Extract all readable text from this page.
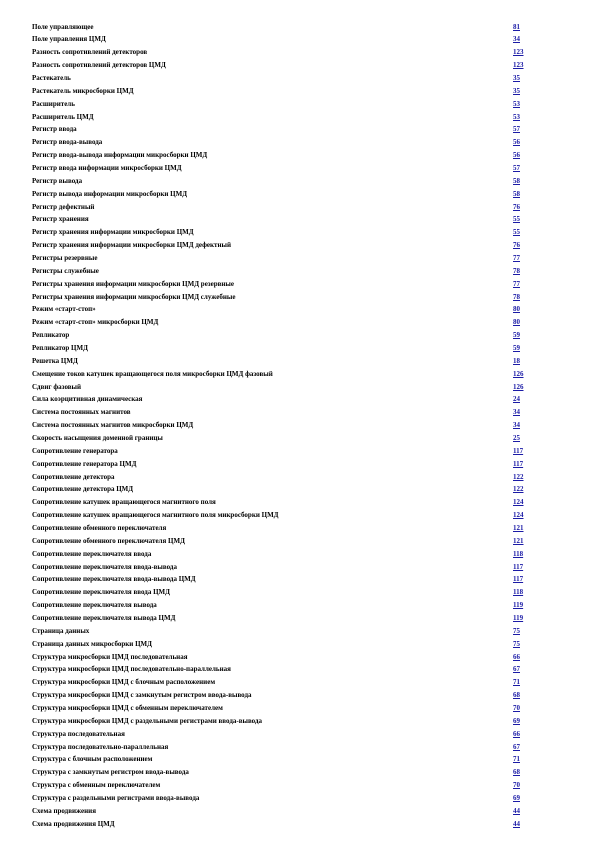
Поле управляющее	81
Поле управления ЦМД	34
Разность сопротивлений детекторов	123
Разность сопротивлений детекторов ЦМД	123
Растекатель	35
Растекатель микросборки ЦМД	35
Расширитель	53
Расширитель ЦМД	53
Регистр ввода	57
Регистр ввода-вывода	56
Регистр ввода-вывода информации микросборки ЦМД	56
Регистр ввода информации микросборки ЦМД	57
Регистр вывода	58
Регистр вывода информации микросборки ЦМД	58
Регистр дефектный	76
Регистр хранения	55
Регистр хранения информации микросборки ЦМД	55
Регистр хранения информации микросборки ЦМД дефектный	76
Регистры резервные	77
Регистры служебные	78
Регистры хранения информации микросборки ЦМД резервные	77
Регистры хранения информации микросборки ЦМД служебные	78
Режим «старт-стоп»	80
Режим «старт-стоп» микросборки ЦМД	80
Репликатор	59
Репликатор ЦМД	59
Решетка ЦМД	18
Смещение токов катушек вращающегося поля микросборки ЦМД фазовый	126
Сдвиг фазовый	126
Сила коэрцитивная динамическая	24
Система постоянных магнитов	34
Система постоянных магнитов микросборки ЦМД	34
Скорость насыщения доменной границы	25
Сопротивление генератора	117
Сопротивление генератора ЦМД	117
Сопротивление детектора	122
Сопротивление детектора ЦМД	122
Сопротивление катушек вращающегося магнитного поля	124
Сопротивление катушек вращающегося магнитного поля микросборки ЦМД	124
Сопротивление обменного переключателя	121
Сопротивление обменного переключателя ЦМД	121
Сопротивление переключателя ввода	118
Сопротивление переключателя ввода-вывода	117
Сопротивление переключателя ввода-вывода ЦМД	117
Сопротивление переключателя ввода ЦМД	118
Сопротивление переключателя вывода	119
Сопротивление переключателя вывода ЦМД	119
Страница данных	75
Страница данных микросборки ЦМД	75
Структура микросборки ЦМД последовательная	66
Структура микросборки ЦМД последовательно-параллельная	67
Структура микросборки ЦМД с блочным расположением	71
Структура микросборки ЦМД с замкнутым регистром ввода-вывода	68
Структура микросборки ЦМД с обменным переключателем	70
Структура микросборки ЦМД с раздельными регистрами ввода-вывода	69
Структура последовательная	66
Структура последовательно-параллельная	67
Структура с блочным расположением	71
Структура с замкнутым регистром ввода-вывода	68
Структура с обменным переключателем	70
Структура с раздельными регистрами ввода-вывода	69
Схема продвижения	44
Схема продвижения ЦМД	44
